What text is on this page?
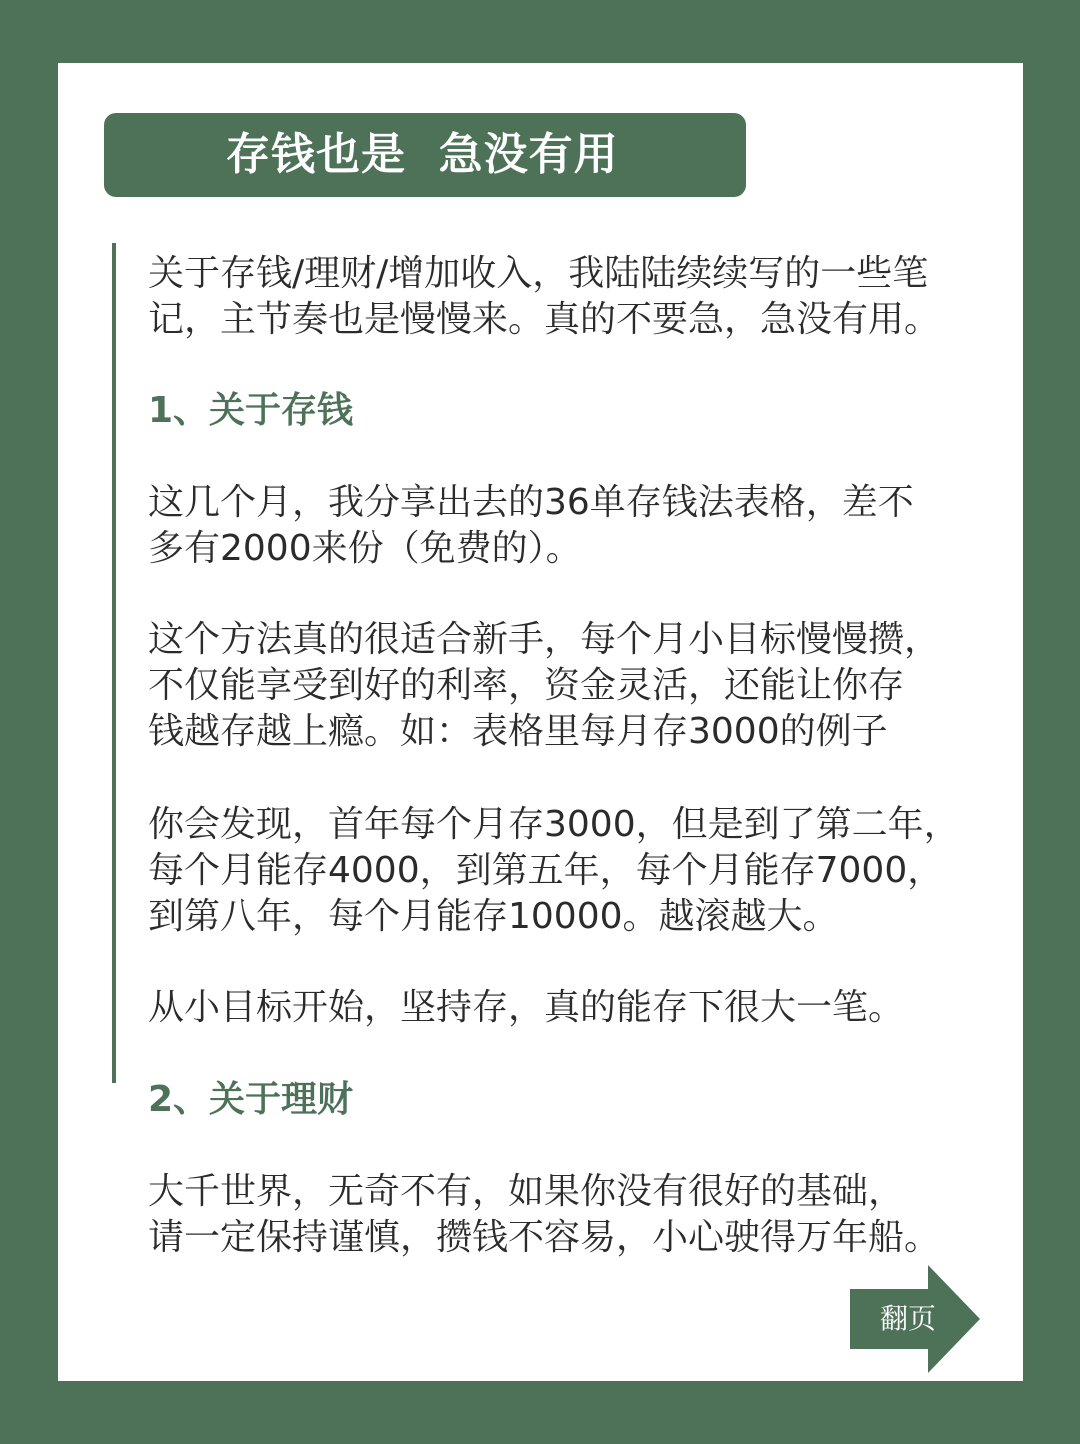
存钱也是  急没有用

关于存钱/理财/增加收入，我陆陆续续写的一些笔
记，主节奏也是慢慢来。真的不要急，急没有用。

1、关于存钱

这几个月，我分享出去的36单存钱法表格，差不
多有2000来份（免费的）。

这个方法真的很适合新手，每个月小目标慢慢攒，
不仅能享受到好的利率，资金灵活，还能让你存
钱越存越上瘾。如：表格里每月存3000的例子

你会发现，首年每个月存3000，但是到了第二年，
每个月能存4000，到第五年，每个月能存7000，
到第八年，每个月能存10000。越滚越大。

从小目标开始，坚持存，真的能存下很大一笔。

2、关于理财

大千世界，无奇不有，如果你没有很好的基础，
请一定保持谨慎，攒钱不容易，小心驶得万年船。

翻页
